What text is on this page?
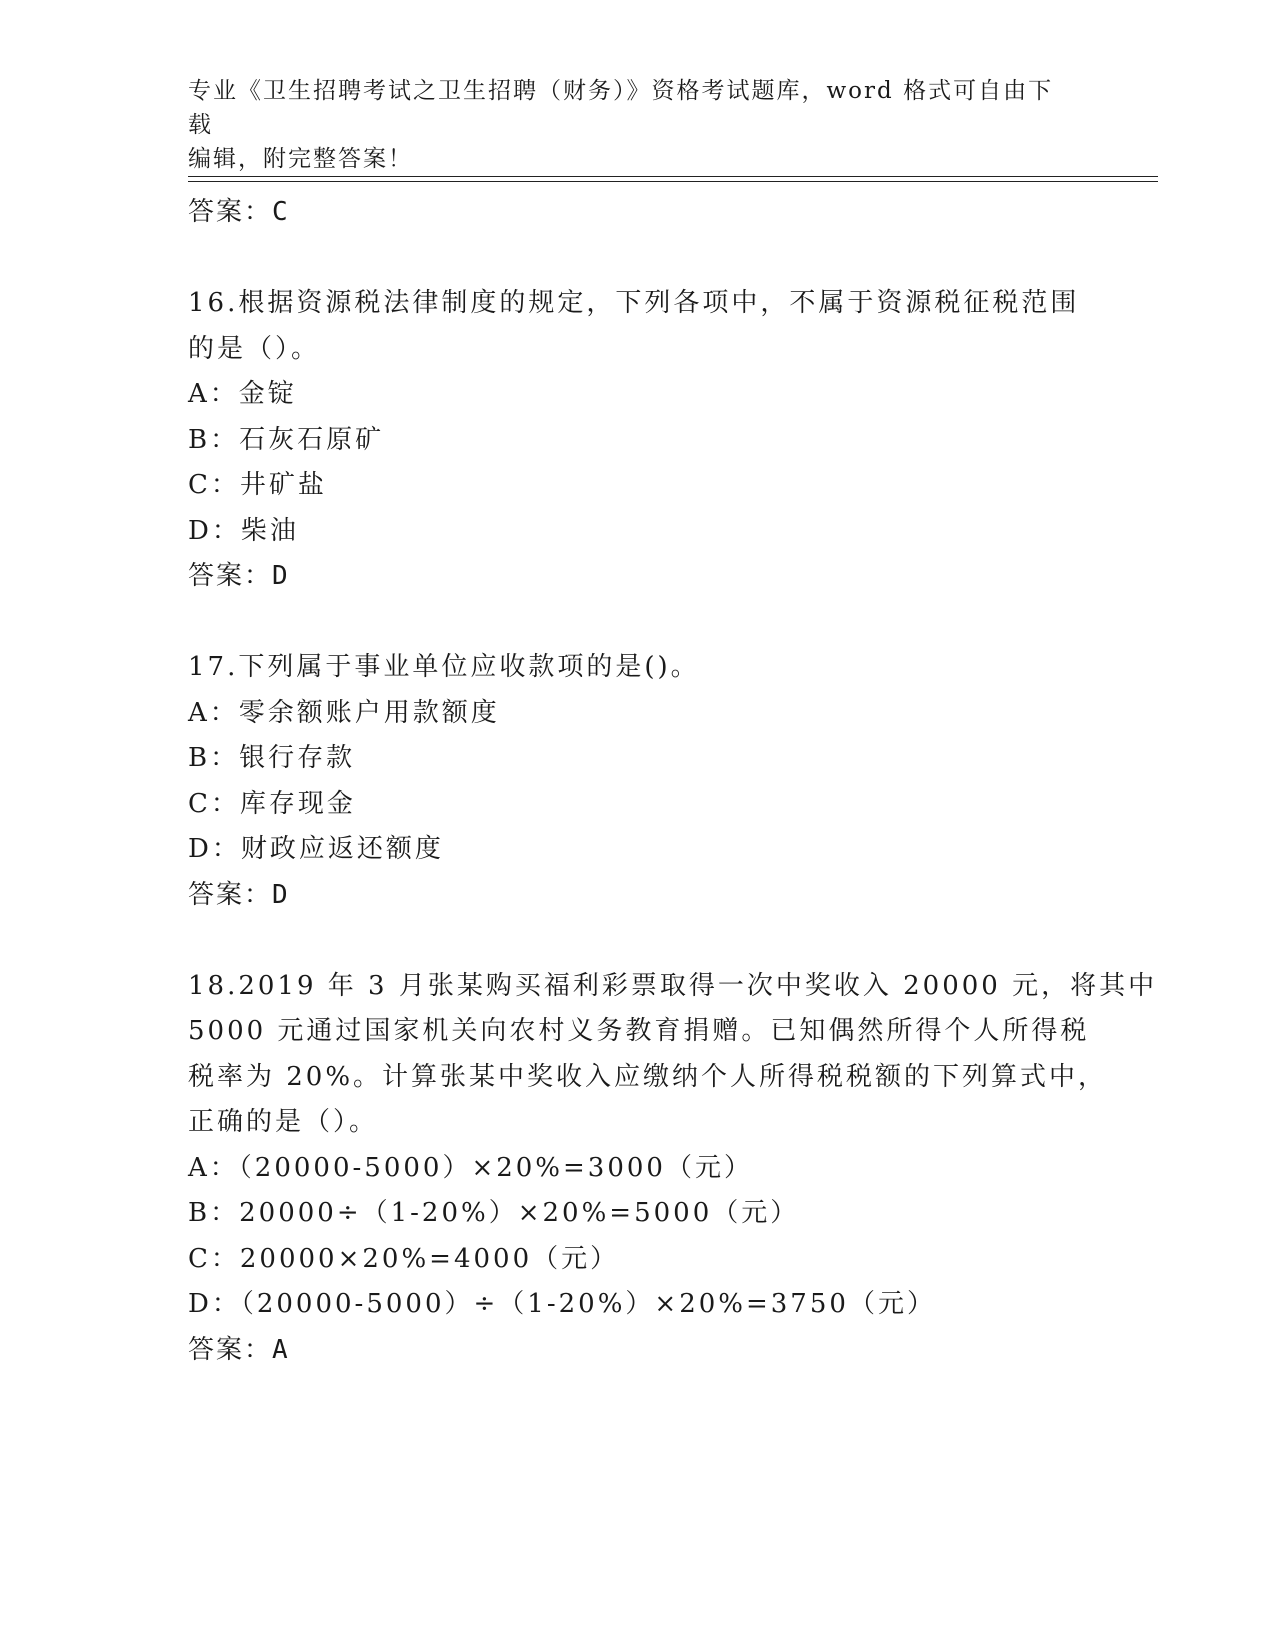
专业《卫生招聘考试之卫生招聘（财务）》资格考试题库，word 格式可自由下载
编辑，附完整答案！
答案：C
16.根据资源税法律制度的规定，下列各项中，不属于资源税征税范围
的是（）。
A：金锭
B：石灰石原矿
C：井矿盐
D：柴油
答案：D
17.下列属于事业单位应收款项的是()。
A：零余额账户用款额度
B：银行存款
C：库存现金
D：财政应返还额度
答案：D
18.2019 年 3 月张某购买福利彩票取得一次中奖收入 20000 元，将其中
5000 元通过国家机关向农村义务教育捐赠。已知偶然所得个人所得税
税率为 20%。计算张某中奖收入应缴纳个人所得税税额的下列算式中，
正确的是（）。
A：（20000-5000）×20%=3000（元）
B：20000÷（1-20%）×20%=5000（元）
C：20000×20%=4000（元）
D：（20000-5000）÷（1-20%）×20%=3750（元）
答案：A
